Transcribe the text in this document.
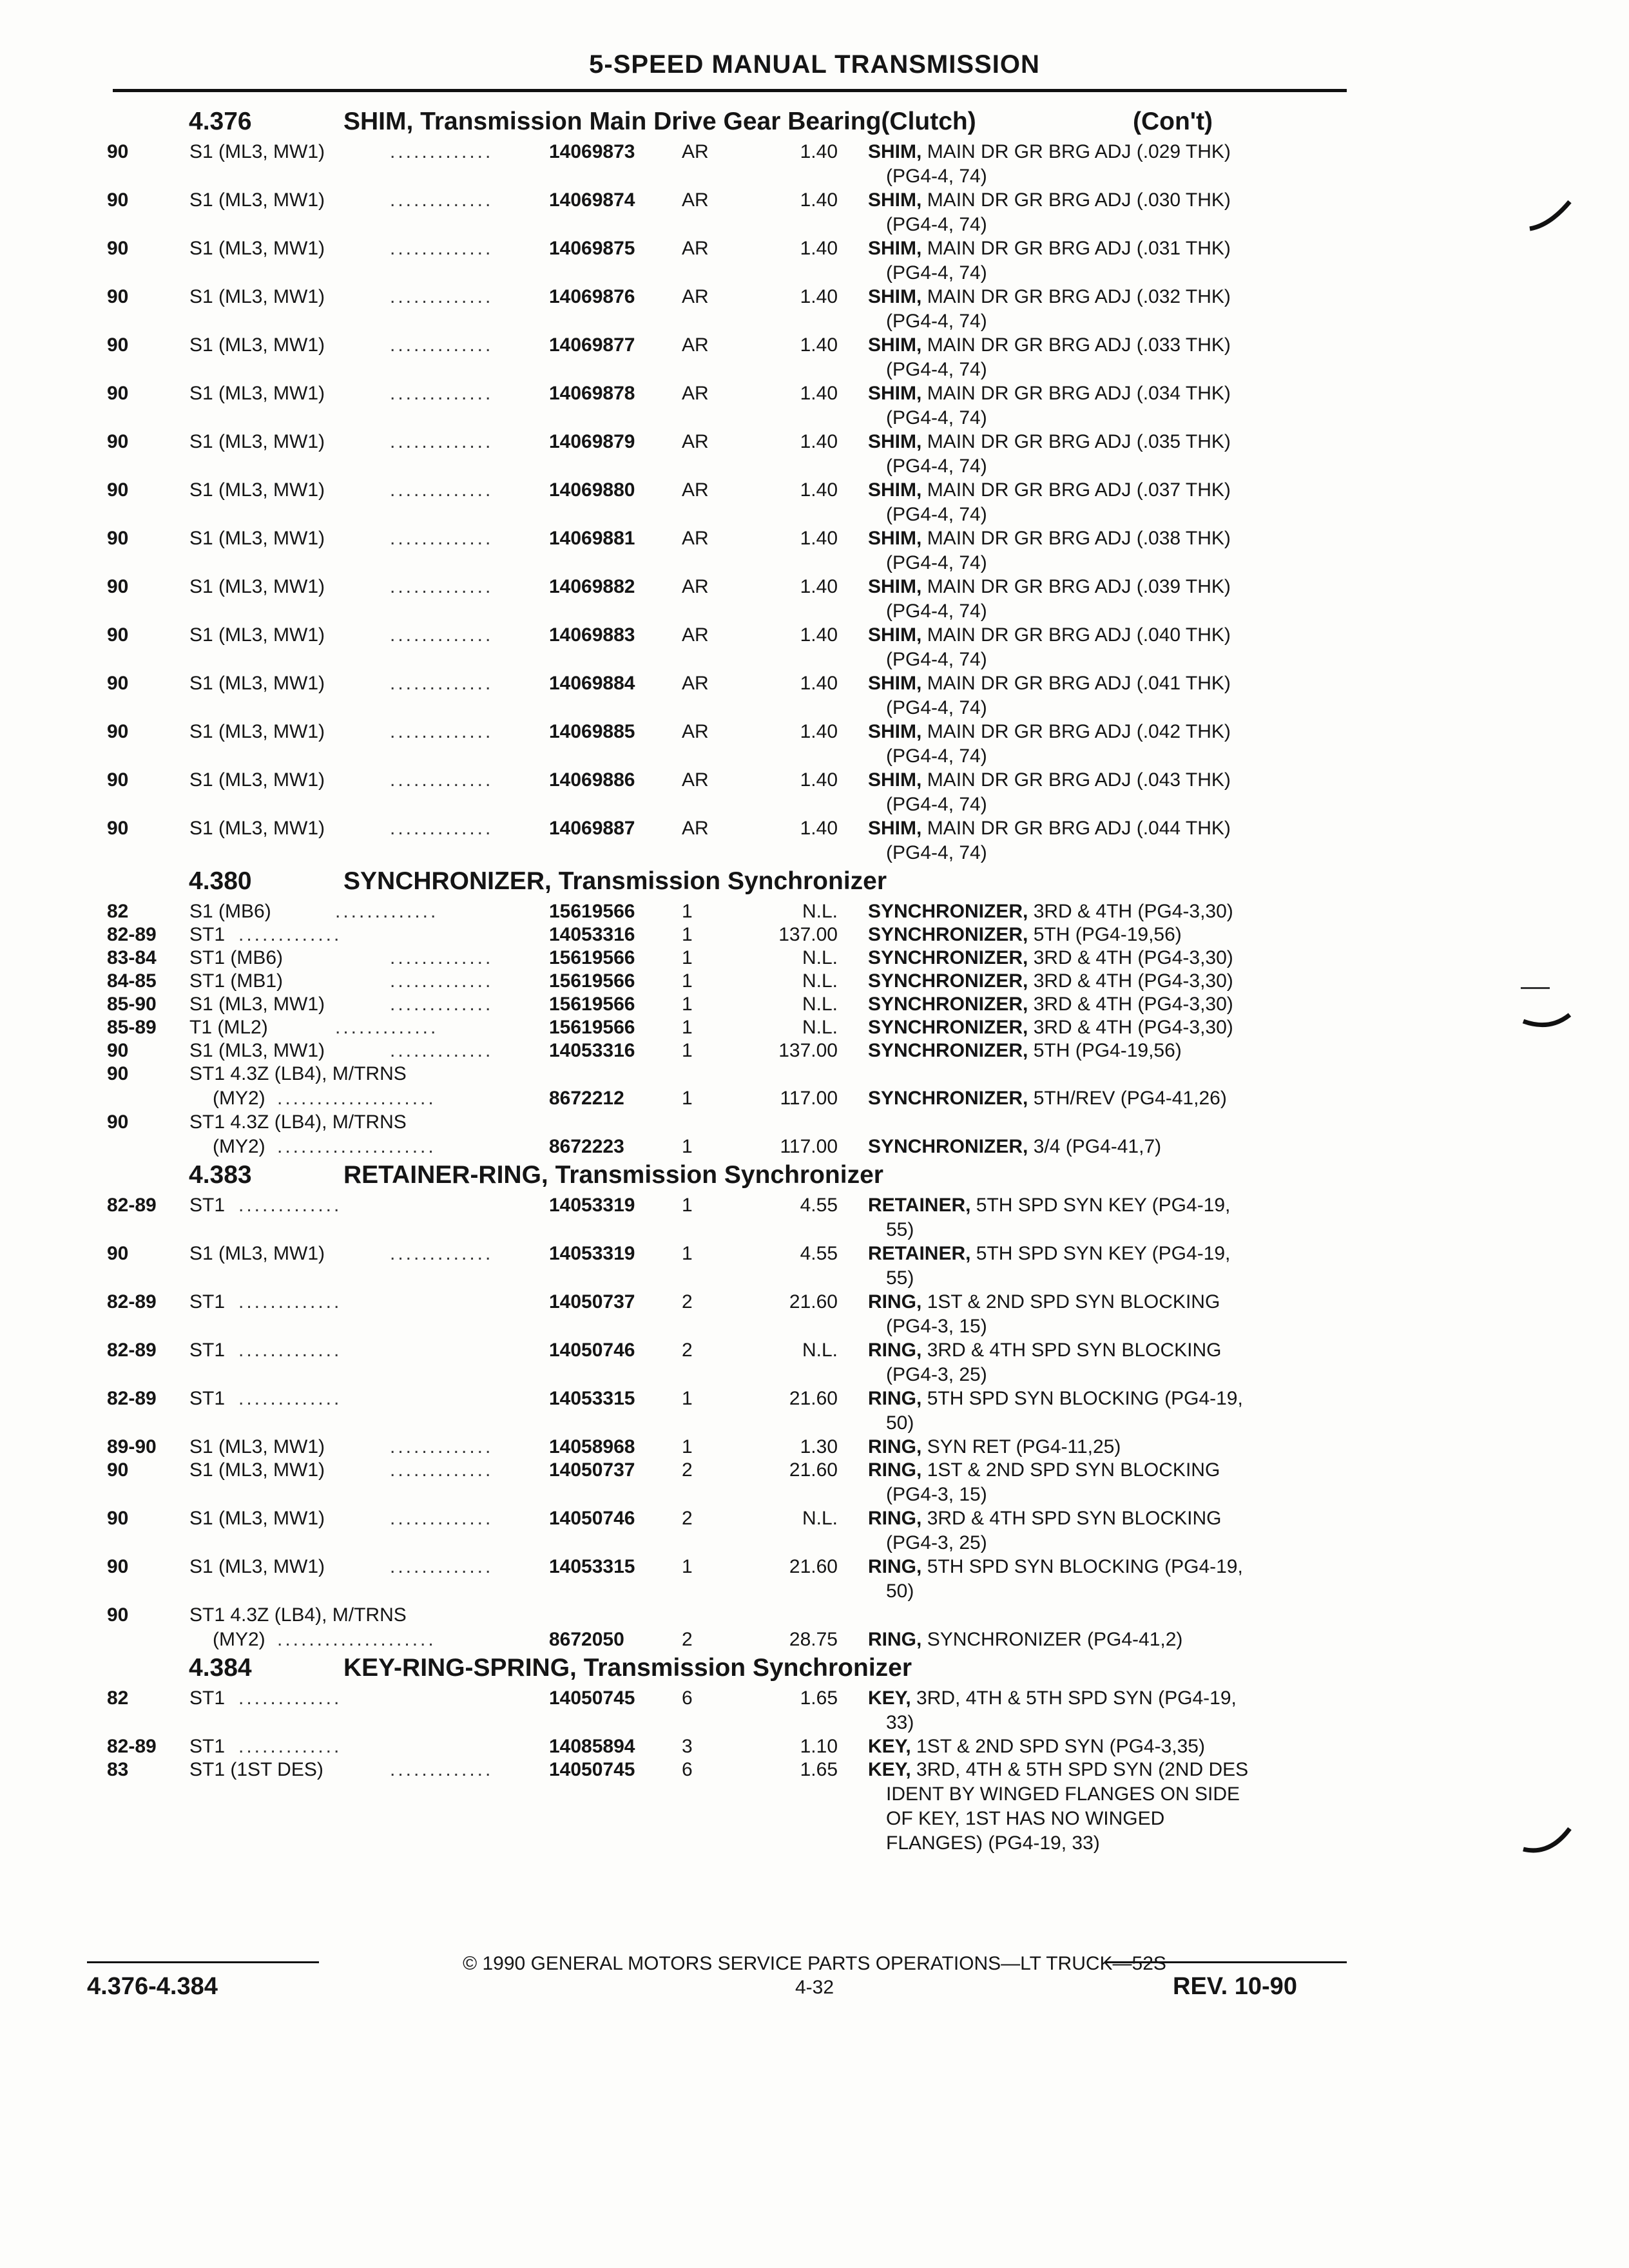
5-SPEED MANUAL TRANSMISSION
4.376	SHIM, Transmission Main Drive Gear Bearing(Clutch)	(Con't)
90	S1 (ML3, MW1)	.............	14069873 AR	1.40 SHIM, MAIN DR GR BRG ADJ (.029 THK)
(PG4-4, 74)
90	S1 (ML3, MW1)	.............	14069874 AR	1.40 SHIM, MAIN DR GR BRG ADJ (.030 THK)
(PG4-4, 74)
90	S1 (ML3, MW1)	.............	14069875 AR	1.40 SHIM, MAIN DR GR BRG ADJ (.031 THK)
(PG4-4, 74)
90	S1 (ML3, MW1)	.............	14069876 AR	1.40 SHIM, MAIN DR GR BRG ADJ (.032 THK)
(PG4-4, 74)
90	S1 (ML3, MW1)	.............	14069877 AR	1.40 SHIM, MAIN DR GR BRG ADJ (.033 THK)
(PG4-4, 74)
90	S1 (ML3, MW1)	.............	14069878 AR	1.40 SHIM, MAIN DR GR BRG ADJ (.034 THK)
(PG4-4, 74)
90	S1 (ML3, MW1)	.............	14069879 AR	1.40 SHIM, MAIN DR GR BRG ADJ (.035 THK)
(PG4-4, 74)
90	S1 (ML3, MW1)	.............	14069880 AR	1.40 SHIM, MAIN DR GR BRG ADJ (.037 THK)
(PG4-4, 74)
90	S1 (ML3, MW1)	.............	14069881 AR	1.40 SHIM, MAIN DR GR BRG ADJ (.038 THK)
(PG4-4, 74)
90	S1 (ML3, MW1)	.............	14069882 AR	1.40 SHIM, MAIN DR GR BRG ADJ (.039 THK)
(PG4-4, 74)
90	S1 (ML3, MW1)	.............	14069883 AR	1.40 SHIM, MAIN DR GR BRG ADJ (.040 THK)
(PG4-4, 74)
90	S1 (ML3, MW1)	.............	14069884 AR	1.40 SHIM, MAIN DR GR BRG ADJ (.041 THK)
(PG4-4, 74)
90	S1 (ML3, MW1)	.............	14069885 AR	1.40 SHIM, MAIN DR GR BRG ADJ (.042 THK)
(PG4-4, 74)
90	S1 (ML3, MW1)	.............	14069886 AR	1.40 SHIM, MAIN DR GR BRG ADJ (.043 THK)
(PG4-4, 74)
90	S1 (ML3, MW1)	.............	14069887 AR	1.40 SHIM, MAIN DR GR BRG ADJ (.044 THK)
(PG4-4, 74)
4.380	SYNCHRONIZER, Transmission Synchronizer
82	S1 (MB6)	.............	15619566 1	N.L. SYNCHRONIZER, 3RD & 4TH (PG4-3,30)
82-89 ST1 .............	14053316 1	137.00 SYNCHRONIZER, 5TH (PG4-19,56)
83-84 ST1 (MB6)	.............	15619566 1	N.L. SYNCHRONIZER, 3RD & 4TH (PG4-3,30)
84-85 ST1 (MB1)	.............	15619566 1	N.L. SYNCHRONIZER, 3RD & 4TH (PG4-3,30)
85-90 S1 (ML3, MW1)	.............	15619566 1	N.L. SYNCHRONIZER, 3RD & 4TH (PG4-3,30)
85-89 T1 (ML2)	.............	15619566 1	N.L. SYNCHRONIZER, 3RD & 4TH (PG4-3,30)
90	S1 (ML3, MW1)	.............	14053316 1	137.00 SYNCHRONIZER, 5TH (PG4-19,56)
90	ST1 4.3Z (LB4), M/TRNS
(MY2) ....................	8672212	1	117.00 SYNCHRONIZER, 5TH/REV (PG4-41,26)
90	ST1 4.3Z (LB4), M/TRNS
(MY2) ....................	8672223	1	117.00 SYNCHRONIZER, 3/4 (PG4-41,7)
4.383	RETAINER-RING, Transmission Synchronizer
82-89 ST1 .............	14053319 1	4.55 RETAINER, 5TH SPD SYN KEY (PG4-19,
55)
90	S1 (ML3, MW1)	.............	14053319 1	4.55 RETAINER, 5TH SPD SYN KEY (PG4-19,
55)
82-89 ST1 .............	14050737 2	21.60 RING, 1ST & 2ND SPD SYN BLOCKING
(PG4-3, 15)
82-89 ST1 .............	14050746 2	N.L. RING, 3RD & 4TH SPD SYN BLOCKING
(PG4-3, 25)
82-89 ST1 .............	14053315 1	21.60 RING, 5TH SPD SYN BLOCKING (PG4-19,
50)
89-90 S1 (ML3, MW1)	.............	14058968 1	1.30 RING, SYN RET (PG4-11,25)
90	S1 (ML3, MW1)	.............	14050737 2	21.60 RING, 1ST & 2ND SPD SYN BLOCKING
(PG4-3, 15)
90	S1 (ML3, MW1)	.............	14050746 2	N.L. RING, 3RD & 4TH SPD SYN BLOCKING
(PG4-3, 25)
90	S1 (ML3, MW1)	.............	14053315 1	21.60 RING, 5TH SPD SYN BLOCKING (PG4-19,
50)
90	ST1 4.3Z (LB4), M/TRNS
(MY2) ....................	8672050	2	28.75 RING, SYNCHRONIZER (PG4-41,2)
4.384	KEY-RING-SPRING, Transmission Synchronizer
82	ST1 .............	14050745 6	1.65 KEY, 3RD, 4TH & 5TH SPD SYN (PG4-19,
33)
82-89 ST1 .............	14085894 3	1.10 KEY, 1ST & 2ND SPD SYN (PG4-3,35)
83	ST1 (1ST DES)	.............	14050745 6	1.65 KEY, 3RD, 4TH & 5TH SPD SYN (2ND DES
IDENT BY WINGED FLANGES ON SIDE
OF KEY, 1ST HAS NO WINGED
FLANGES) (PG4-19, 33)
© 1990 GENERAL MOTORS SERVICE PARTS OPERATIONS—LT TRUCK—52S
4.376-4.384	4-32	REV. 10-90
